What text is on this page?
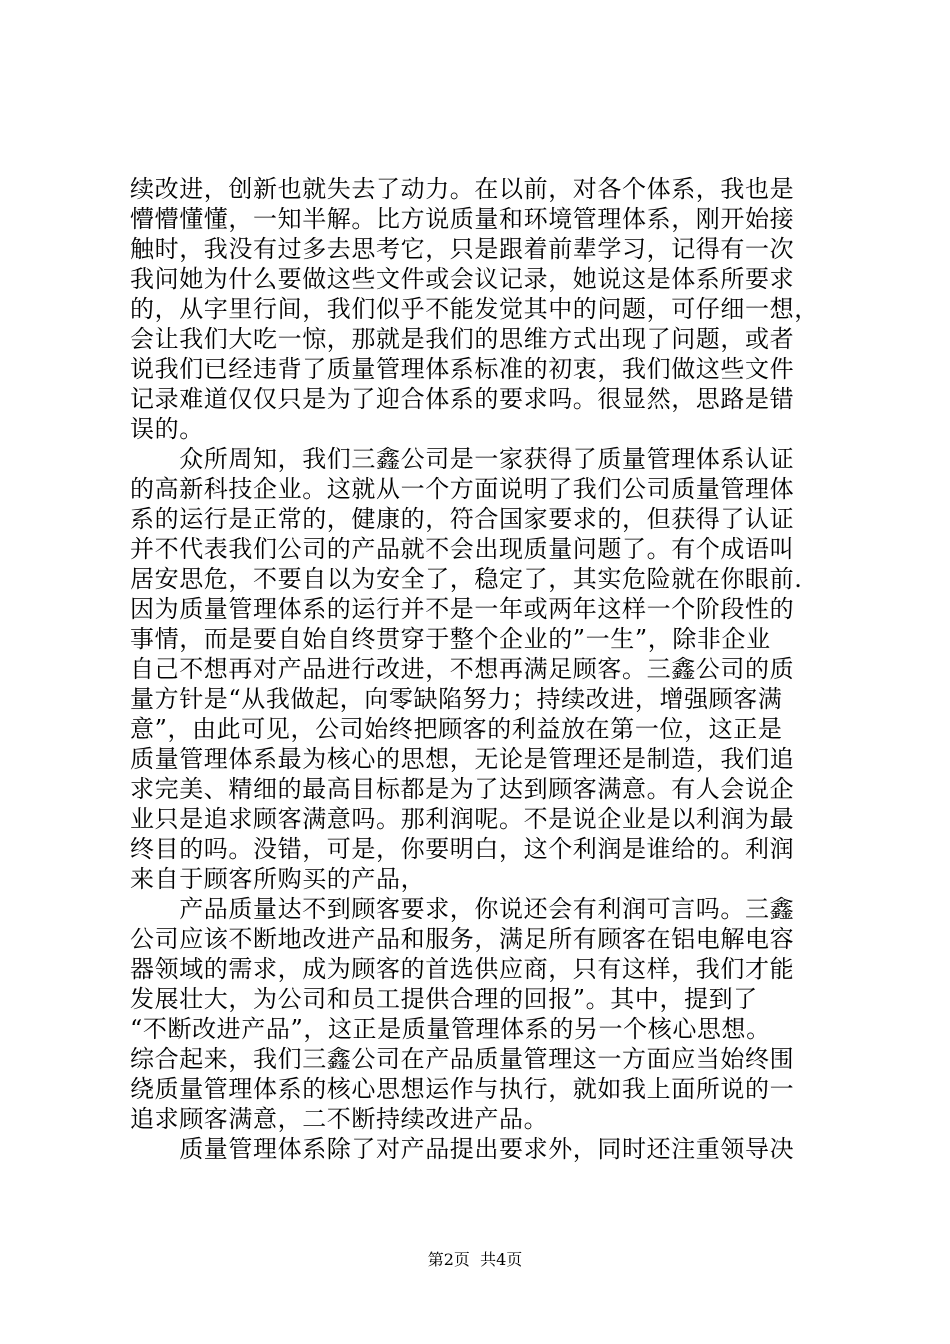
续改进，创新也就失去了动力。在以前，对各个体系，我也是
懵懵懂懂，一知半解。比方说质量和环境管理体系，刚开始接
触时，我没有过多去思考它，只是跟着前辈学习，记得有一次
我问她为什么要做这些文件或会议记录，她说这是体系所要求
的，从字里行间，我们似乎不能发觉其中的问题，可仔细一想，
会让我们大吃一惊，那就是我们的思维方式出现了问题，或者
说我们已经违背了质量管理体系标准的初衷，我们做这些文件
记录难道仅仅只是为了迎合体系的要求吗。很显然，思路是错
误的。
　　众所周知，我们三鑫公司是一家获得了质量管理体系认证
的高新科技企业。这就从一个方面说明了我们公司质量管理体
系的运行是正常的，健康的，符合国家要求的，但获得了认证
并不代表我们公司的产品就不会出现质量问题了。有个成语叫
居安思危，不要自以为安全了，稳定了，其实危险就在你眼前.
因为质量管理体系的运行并不是一年或两年这样一个阶段性的
事情，而是要自始自终贯穿于整个企业的”一生”，除非企业
自己不想再对产品进行改进，不想再满足顾客。三鑫公司的质
量方针是“从我做起，向零缺陷努力；持续改进，增强顾客满
意”，由此可见，公司始终把顾客的利益放在第一位，这正是
质量管理体系最为核心的思想，无论是管理还是制造，我们追
求完美、精细的最高目标都是为了达到顾客满意。有人会说企
业只是追求顾客满意吗。那利润呢。不是说企业是以利润为最
终目的吗。没错，可是，你要明白，这个利润是谁给的。利润
来自于顾客所购买的产品，
　　产品质量达不到顾客要求，你说还会有利润可言吗。三鑫
公司应该不断地改进产品和服务，满足所有顾客在铝电解电容
器领域的需求，成为顾客的首选供应商，只有这样，我们才能
发展壮大，为公司和员工提供合理的回报”。其中，提到了
“不断改进产品”，这正是质量管理体系的另一个核心思想。
综合起来，我们三鑫公司在产品质量管理这一方面应当始终围
绕质量管理体系的核心思想运作与执行，就如我上面所说的一
追求顾客满意，二不断持续改进产品。
　　质量管理体系除了对产品提出要求外，同时还注重领导决
第2页  共4页
